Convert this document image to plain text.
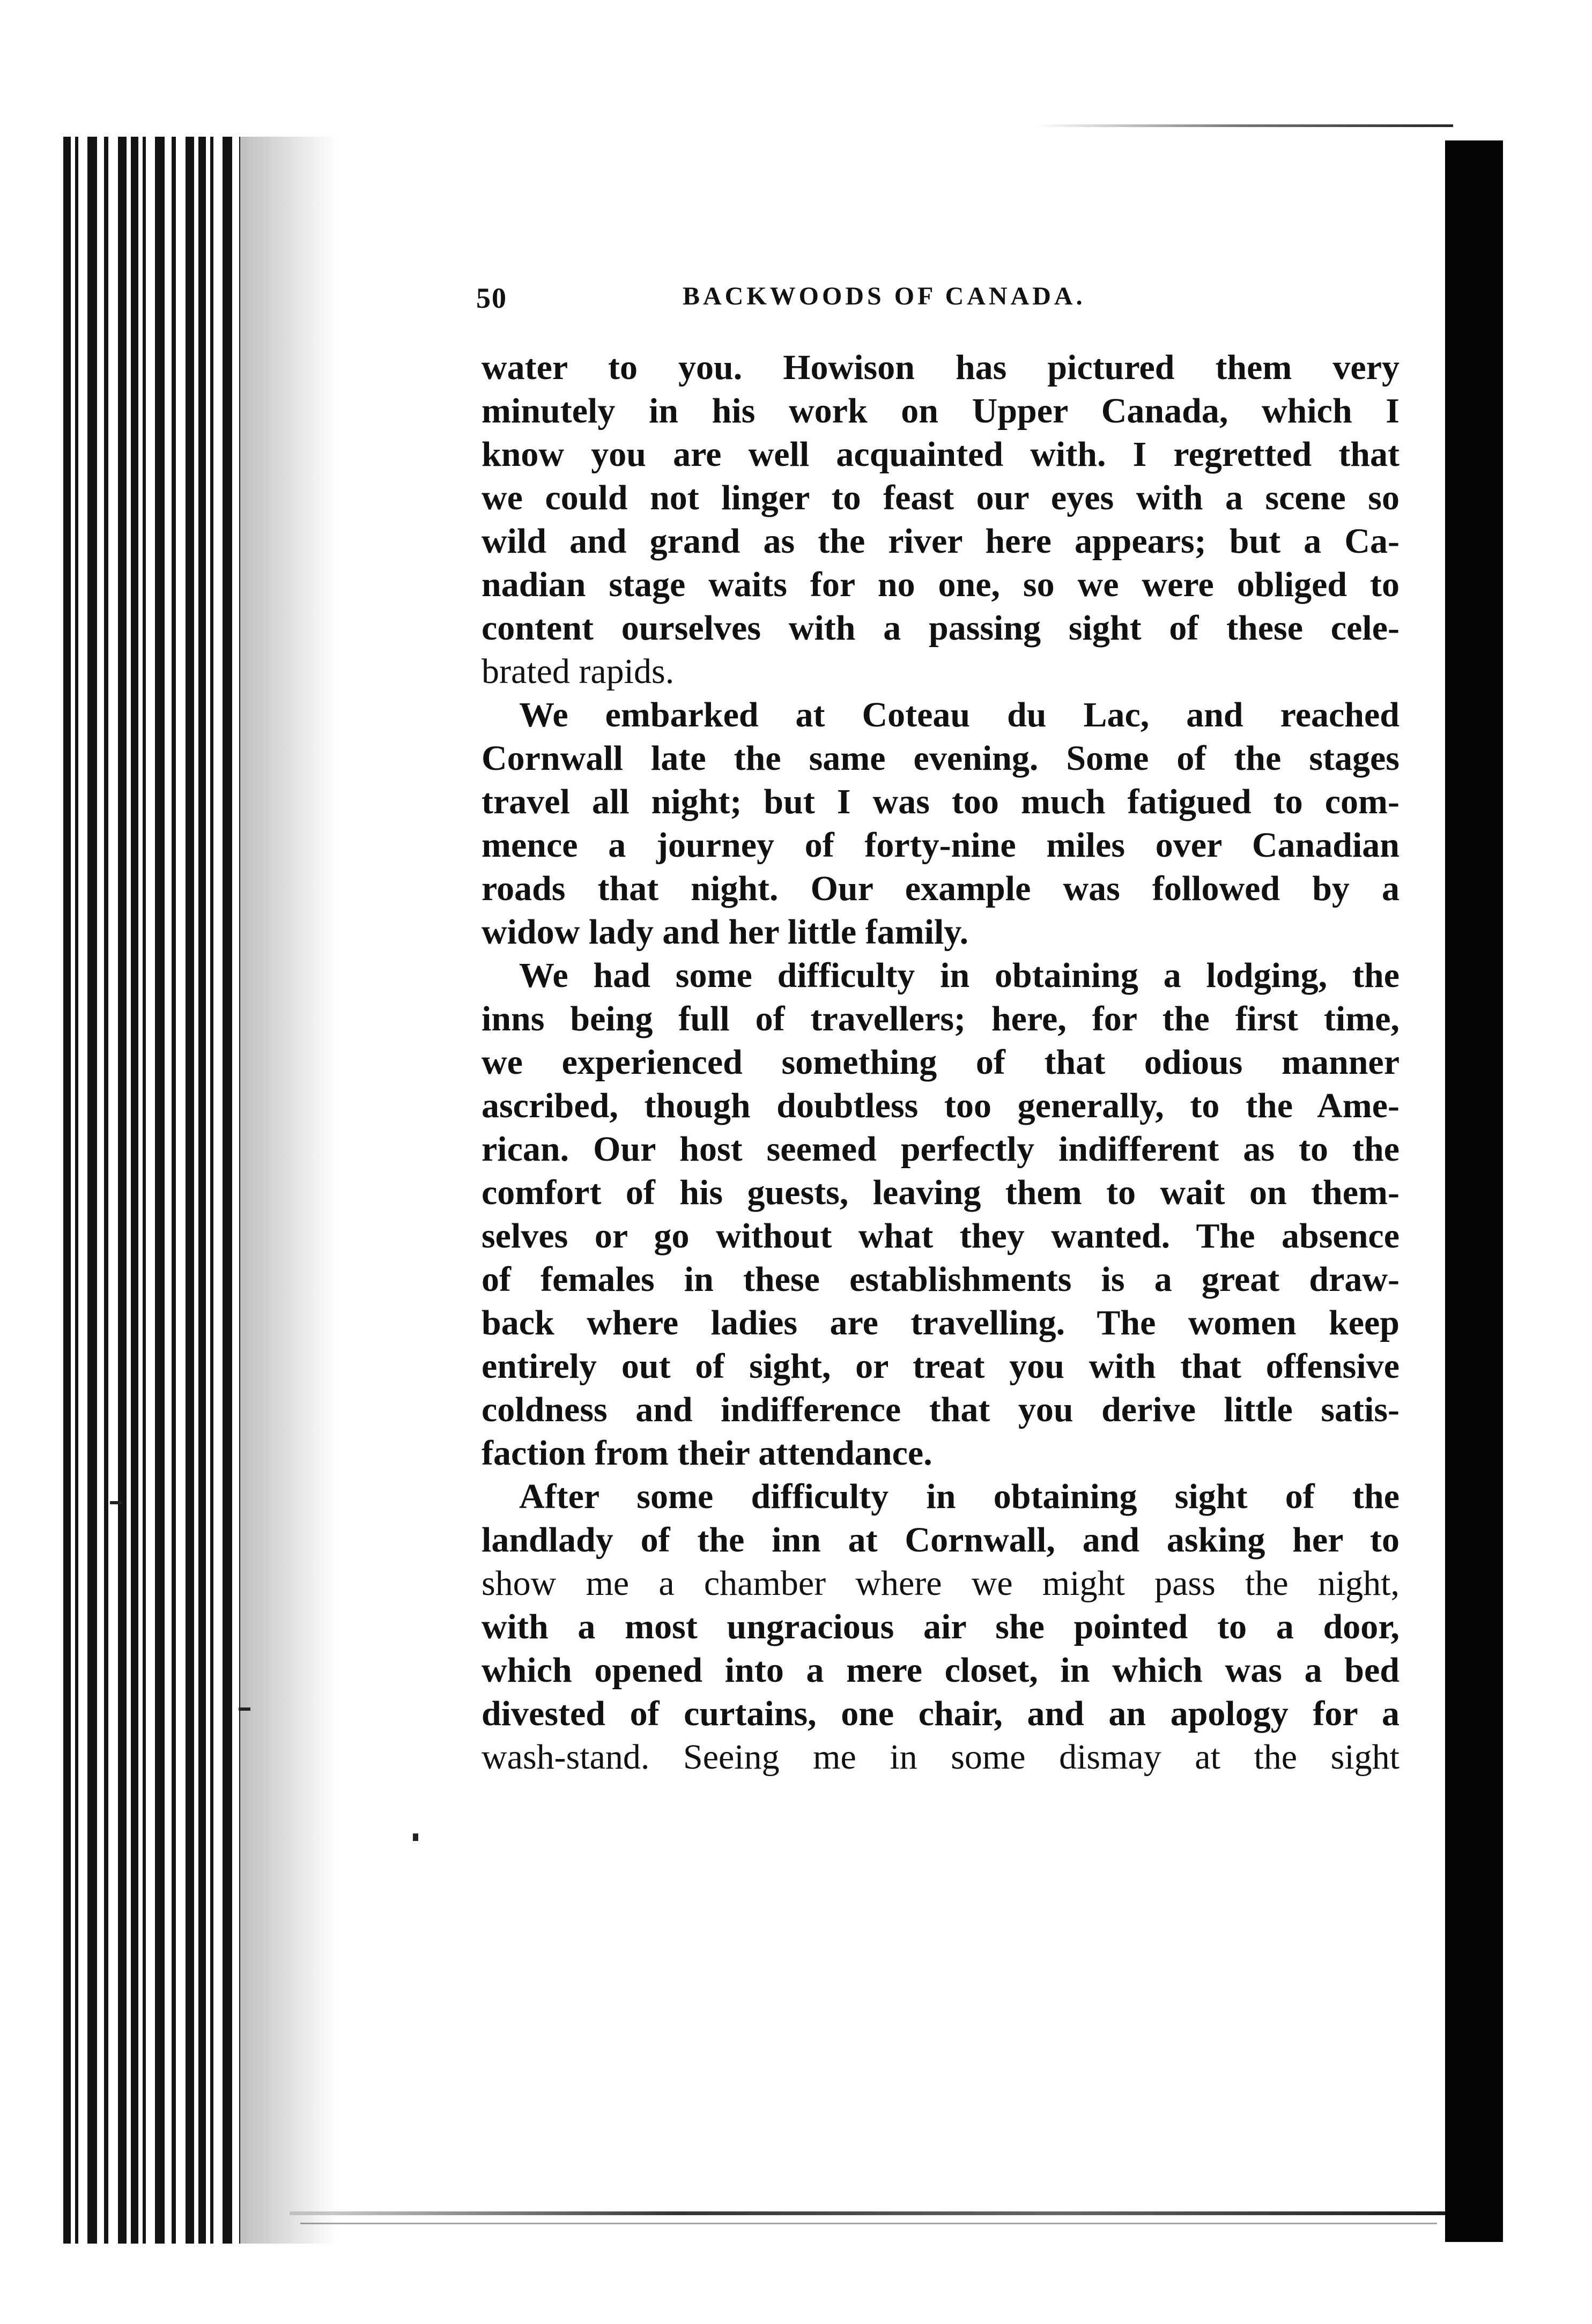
50	BACKWOODS OF CANADA.
water to you. Howison has pictured them very
minutely in his work on Upper Canada, which I
know you are well acquainted with. I regretted that
we could not linger to feast our eyes with a scene so
wild and grand as the river here appears; but a Ca-
nadian stage waits for no one, so we were obliged to
content ourselves with a passing sight of these cele-
brated rapids.
We embarked at Coteau du Lac, and reached
Cornwall late the same evening. Some of the stages
travel all night; but I was too much fatigued to com-
mence a journey of forty-nine miles over Canadian
roads that night. Our example was followed by a
widow lady and her little family.
We had some difficulty in obtaining a lodging, the
inns being full of travellers; here, for the first time,
we experienced something of that odious manner
ascribed, though doubtless too generally, to the Ame-
rican. Our host seemed perfectly indifferent as to the
comfort of his guests, leaving them to wait on them-
selves or go without what they wanted. The absence
of females in these establishments is a great draw-
back where ladies are travelling. The women keep
entirely out of sight, or treat you with that offensive
coldness and indifference that you derive little satis-
faction from their attendance.
After some difficulty in obtaining sight of the
landlady of the inn at Cornwall, and asking her to
show me a chamber where we might pass the night,
with a most ungracious air she pointed to a door,
which opened into a mere closet, in which was a bed
divested of curtains, one chair, and an apology for a
wash-stand. Seeing me in some dismay at the sight
